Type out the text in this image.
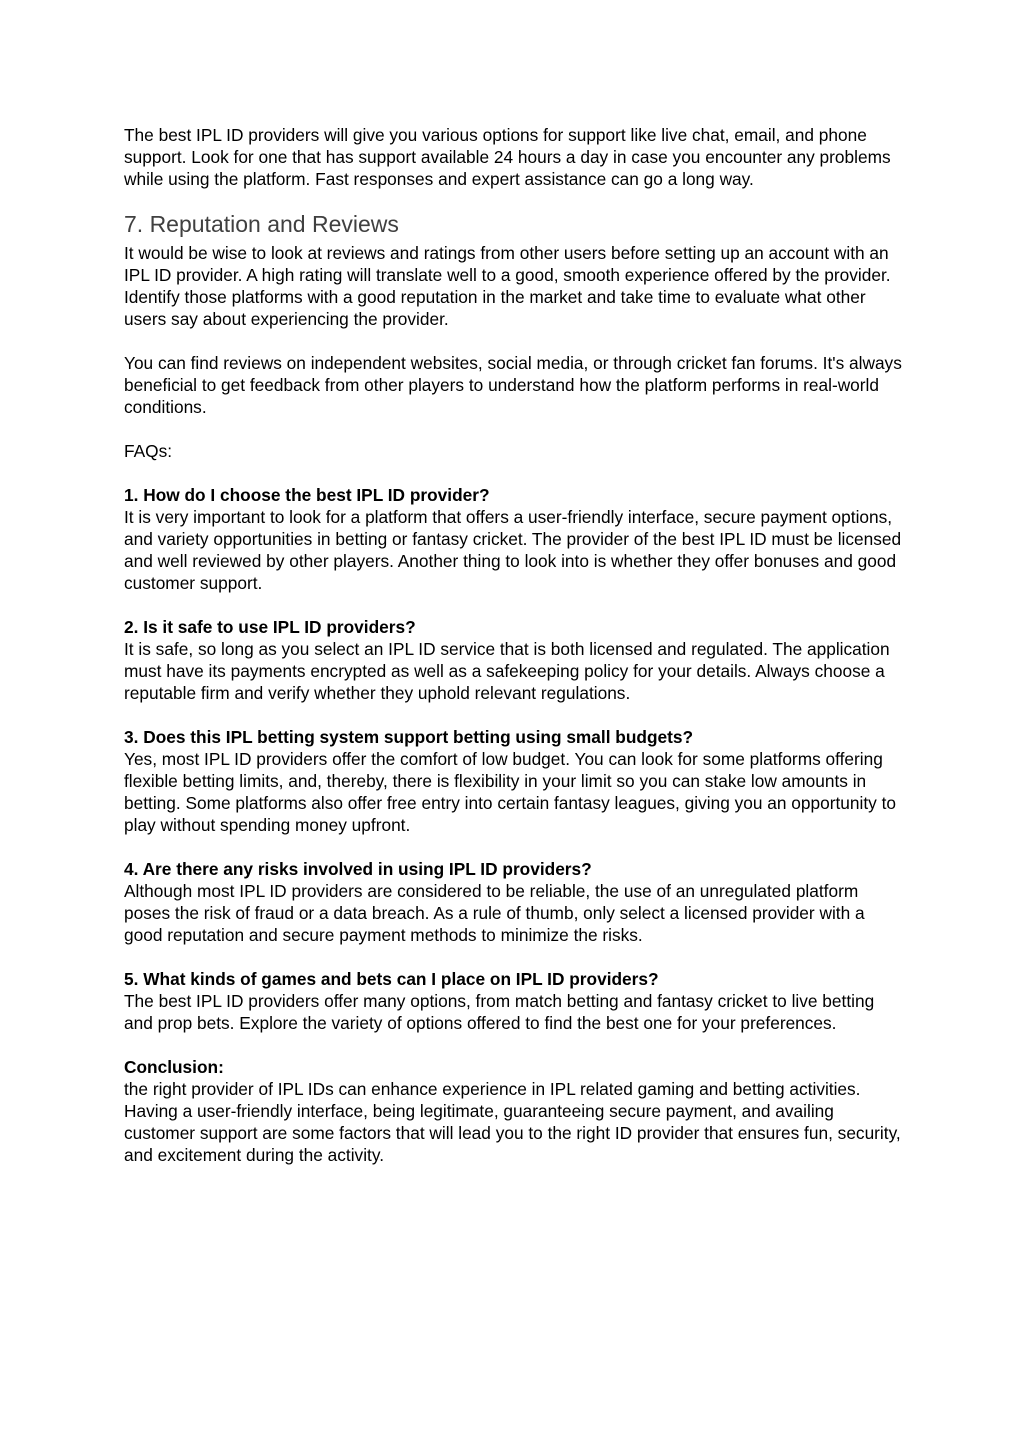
The best IPL ID providers will give you various options for support like live chat, email, and phone support. Look for one that has support available 24 hours a day in case you encounter any problems while using the platform. Fast responses and expert assistance can go a long way.

7. Reputation and Reviews

It would be wise to look at reviews and ratings from other users before setting up an account with an IPL ID provider. A high rating will translate well to a good, smooth experience offered by the provider. Identify those platforms with a good reputation in the market and take time to evaluate what other users say about experiencing the provider.

You can find reviews on independent websites, social media, or through cricket fan forums. It's always beneficial to get feedback from other players to understand how the platform performs in real-world conditions.

FAQs:

1. How do I choose the best IPL ID provider?

It is very important to look for a platform that offers a user-friendly interface, secure payment options, and variety opportunities in betting or fantasy cricket. The provider of the best IPL ID must be licensed and well reviewed by other players. Another thing to look into is whether they offer bonuses and good customer support.

2. Is it safe to use IPL ID providers?

It is safe, so long as you select an IPL ID service that is both licensed and regulated. The application must have its payments encrypted as well as a safekeeping policy for your details. Always choose a reputable firm and verify whether they uphold relevant regulations.

3. Does this IPL betting system support betting using small budgets?

Yes, most IPL ID providers offer the comfort of low budget. You can look for some platforms offering flexible betting limits, and, thereby, there is flexibility in your limit so you can stake low amounts in betting. Some platforms also offer free entry into certain fantasy leagues, giving you an opportunity to play without spending money upfront.

4. Are there any risks involved in using IPL ID providers?

Although most IPL ID providers are considered to be reliable, the use of an unregulated platform poses the risk of fraud or a data breach. As a rule of thumb, only select a licensed provider with a good reputation and secure payment methods to minimize the risks.

5. What kinds of games and bets can I place on IPL ID providers?

The best IPL ID providers offer many options, from match betting and fantasy cricket to live betting and prop bets. Explore the variety of options offered to find the best one for your preferences.

Conclusion:

the right provider of IPL IDs can enhance experience in IPL related gaming and betting activities. Having a user-friendly interface, being legitimate, guaranteeing secure payment, and availing customer support are some factors that will lead you to the right ID provider that ensures fun, security, and excitement during the activity.
